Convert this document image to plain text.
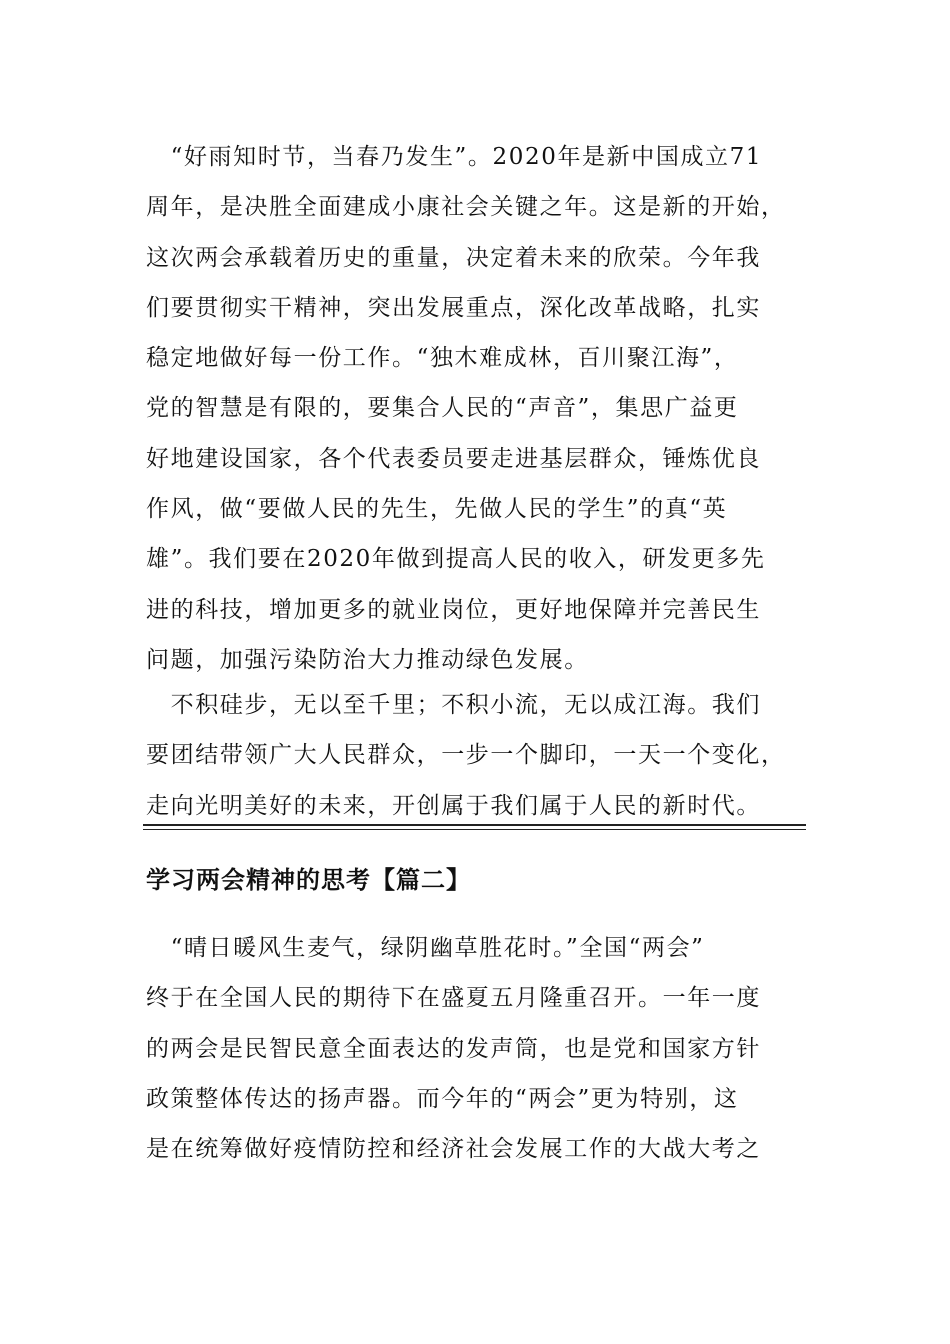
　“好雨知时节，当春乃发生”。2020年是新中国成立71
周年，是决胜全面建成小康社会关键之年。这是新的开始，
这次两会承载着历史的重量，决定着未来的欣荣。今年我
们要贯彻实干精神，突出发展重点，深化改革战略，扎实
稳定地做好每一份工作。“独木难成林，百川聚江海”，
党的智慧是有限的，要集合人民的“声音”，集思广益更
好地建设国家，各个代表委员要走进基层群众，锤炼优良
作风，做“要做人民的先生，先做人民的学生”的真“英
雄”。我们要在2020年做到提高人民的收入，研发更多先
进的科技，增加更多的就业岗位，更好地保障并完善民生
问题，加强污染防治大力推动绿色发展。
　不积硅步，无以至千里；不积小流，无以成江海。我们
要团结带领广大人民群众，一步一个脚印，一天一个变化，
走向光明美好的未来，开创属于我们属于人民的新时代。
学习两会精神的思考【篇二】
　“晴日暖风生麦气，绿阴幽草胜花时。”全国“两会”
终于在全国人民的期待下在盛夏五月隆重召开。一年一度
的两会是民智民意全面表达的发声筒，也是党和国家方针
政策整体传达的扬声器。而今年的“两会”更为特别，这
是在统筹做好疫情防控和经济社会发展工作的大战大考之
